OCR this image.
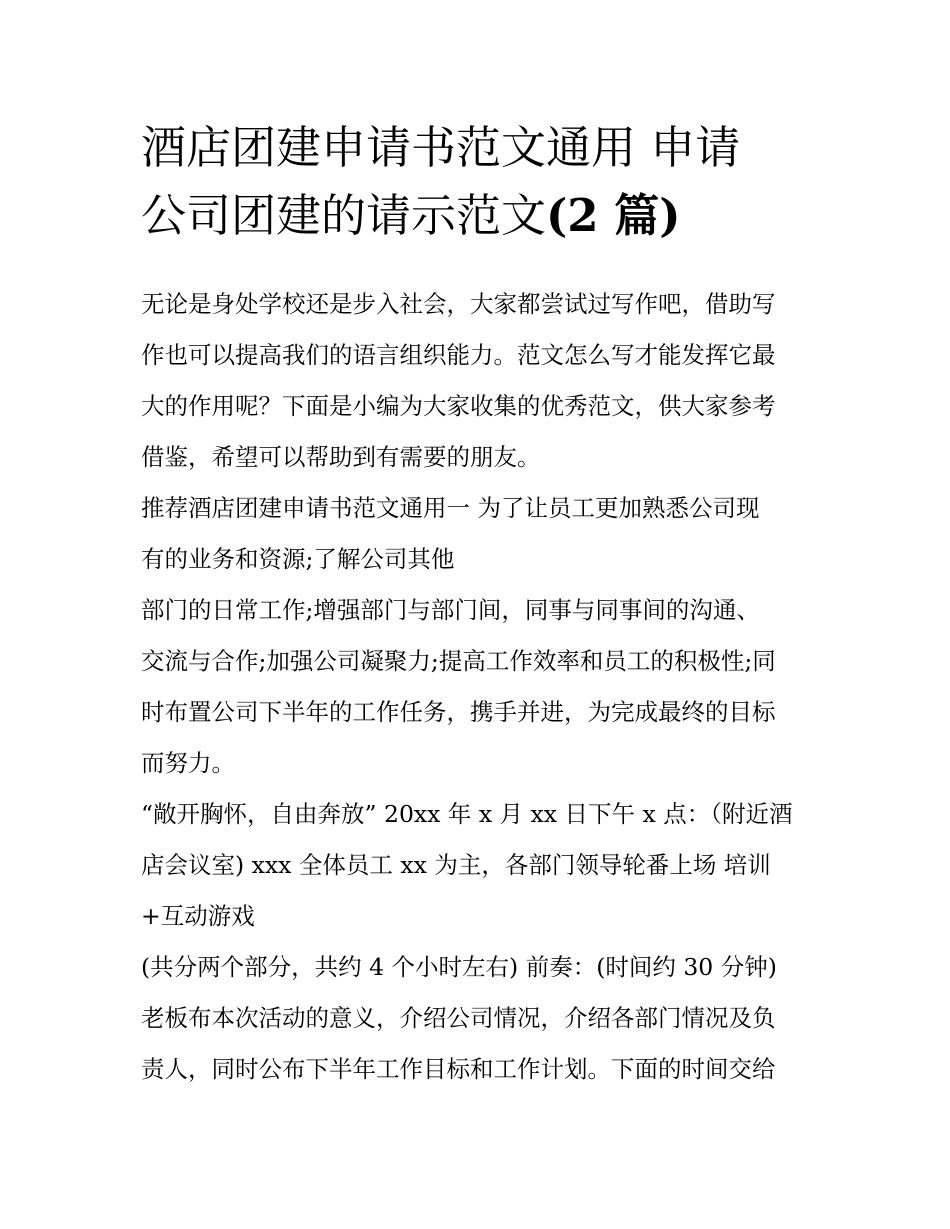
酒店团建申请书范文通用 申请
公司团建的请示范文(2 篇)
无论是身处学校还是步入社会，大家都尝试过写作吧，借助写
作也可以提高我们的语言组织能力。范文怎么写才能发挥它最
大的作用呢？下面是小编为大家收集的优秀范文，供大家参考
借鉴，希望可以帮助到有需要的朋友。
推荐酒店团建申请书范文通用一 为了让员工更加熟悉公司现
有的业务和资源;了解公司其他
部门的日常工作;增强部门与部门间，同事与同事间的沟通、
交流与合作;加强公司凝聚力;提高工作效率和员工的积极性;同
时布置公司下半年的工作任务，携手并进，为完成最终的目标
而努力。
“敞开胸怀，自由奔放” 20xx 年 x 月 xx 日下午 x 点：（附近酒
店会议室) xxx 全体员工 xx 为主，各部门领导轮番上场 培训
+互动游戏
(共分两个部分，共约 4 个小时左右) 前奏：(时间约 30 分钟)
老板布本次活动的意义，介绍公司情况，介绍各部门情况及负
责人，同时公布下半年工作目标和工作计划。下面的时间交给
